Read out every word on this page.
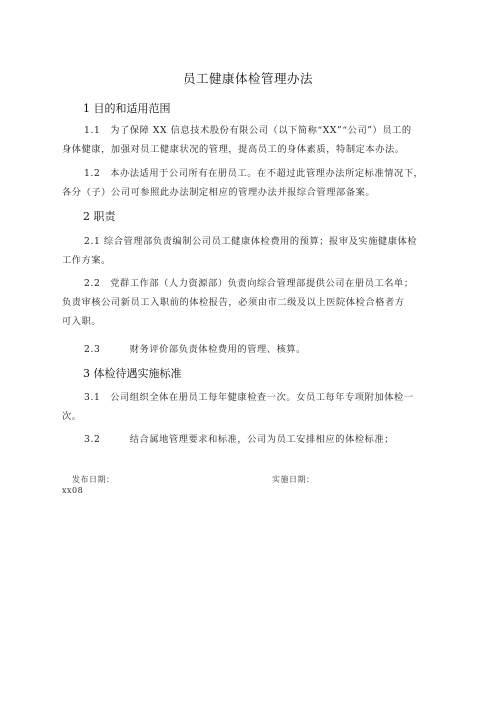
员工健康体检管理办法
1 目的和适用范围
1.1　为了保障 XX 信息技术股份有限公司（以下简称“XX”“公司”）员工的
身体健康，加强对员工健康状况的管理，提高员工的身体素质，特制定本办法。
1.2　本办法适用于公司所有在册员工。在不超过此管理办法所定标准情况下，
各分（子）公司可参照此办法制定相应的管理办法并报综合管理部备案。
2 职责
2.1 综合管理部负责编制公司员工健康体检费用的预算；报审及实施健康体检
工作方案。
2.2　党群工作部（人力资源部）负责向综合管理部提供公司在册员工名单；
负责审核公司新员工入职前的体检报告，必须由市二级及以上医院体检合格者方
可入职。
2.3　　　财务评价部负责体检费用的管理、核算。
3 体检待遇实施标准
3.1　公司组织全体在册员工每年健康检查一次。女员工每年专项附加体检一
次。
3.2　　　结合属地管理要求和标准，公司为员工安排相应的体检标准；
发布日期：
xx08
实施日期：
